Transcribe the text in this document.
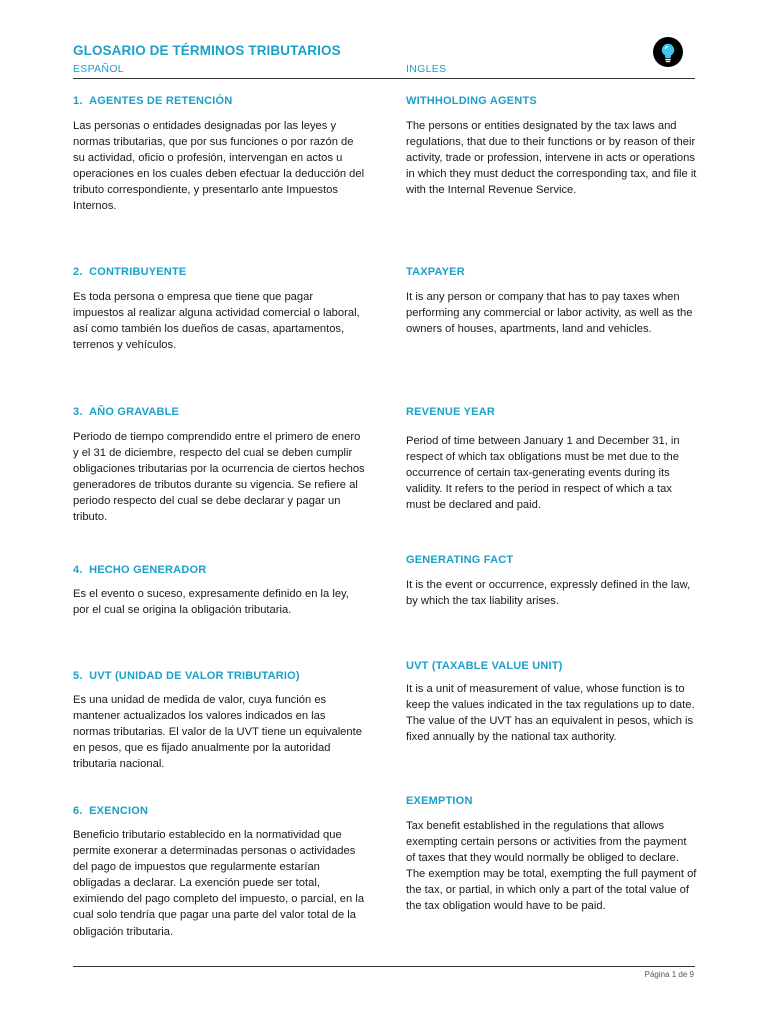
GLOSARIO DE TÉRMINOS TRIBUTARIOS
ESPAÑOL	INGLES
1.  AGENTES DE RETENCIÓN

Las personas o entidades designadas por las leyes y normas tributarias, que por sus funciones o por razón de su actividad, oficio o profesión, intervengan en actos u operaciones en los cuales deben efectuar la deducción del tributo correspondiente, y presentarlo ante Impuestos Internos.

WITHHOLDING AGENTS

The persons or entities designated by the tax laws and regulations, that due to their functions or by reason of their activity, trade or profession, intervene in acts or operations in which they must deduct the corresponding tax, and file it with the Internal Revenue Service.

2.  CONTRIBUYENTE

Es toda persona o empresa que tiene que pagar impuestos al realizar alguna actividad comercial o laboral, así como también los dueños de casas, apartamentos, terrenos y vehículos.

TAXPAYER

It is any person or company that has to pay taxes when performing any commercial or labor activity, as well as the owners of houses, apartments, land and vehicles.

3.  AÑO GRAVABLE

Periodo de tiempo comprendido entre el primero de enero y el 31 de diciembre, respecto del cual se deben cumplir obligaciones tributarias por la ocurrencia de ciertos hechos generadores de tributos durante su vigencia. Se refiere al periodo respecto del cual se debe declarar y pagar un tributo.

REVENUE YEAR

Period of time between January 1 and December 31, in respect of which tax obligations must be met due to the occurrence of certain tax-generating events during its validity. It refers to the period in respect of which a tax must be declared and paid.

4.  HECHO GENERADOR

Es el evento o suceso, expresamente definido en la ley, por el cual se origina la obligación tributaria.

GENERATING FACT

It is the event or occurrence, expressly defined in the law, by which the tax liability arises.

5.  UVT (UNIDAD DE VALOR TRIBUTARIO)

Es una unidad de medida de valor, cuya función es mantener actualizados los valores indicados en las normas tributarias. El valor de la UVT tiene un equivalente en pesos, que es fijado anualmente por la autoridad tributaria nacional.

UVT (TAXABLE VALUE UNIT)

It is a unit of measurement of value, whose function is to keep the values indicated in the tax regulations up to date. The value of the UVT has an equivalent in pesos, which is fixed annually by the national tax authority.

6.  EXENCION

Beneficio tributario establecido en la normatividad que permite exonerar a determinadas personas o actividades del pago de impuestos que regularmente estarían obligadas a declarar. La exención puede ser total, eximiendo del pago completo del impuesto, o parcial, en la cual solo tendría que pagar una parte del valor total de la obligación tributaria.

EXEMPTION

Tax benefit established in the regulations that allows exempting certain persons or activities from the payment of taxes that they would normally be obliged to declare. The exemption may be total, exempting the full payment of the tax, or partial, in which only a part of the total value of the tax obligation would have to be paid.

Página 1 de 9
